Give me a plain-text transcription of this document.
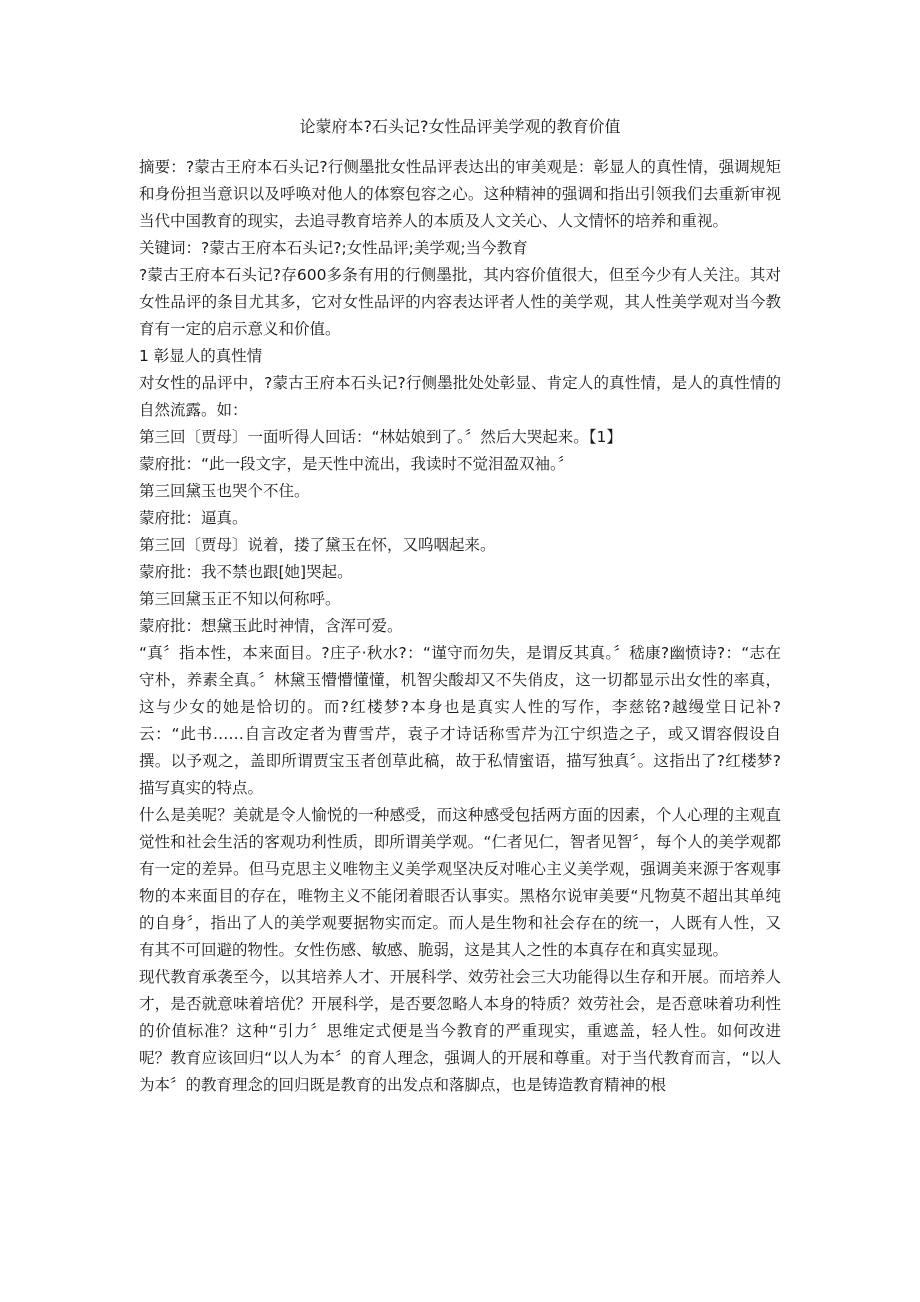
论蒙府本?石头记?女性品评美学观的教育价值

摘要：?蒙古王府本石头记?行侧墨批女性品评表达出的审美观是：彰显人的真性情，强调规矩和身份担当意识以及呼唤对他人的体察包容之心。这种精神的强调和指出引领我们去重新审视当代中国教育的现实，去追寻教育培养人的本质及人文关心、人文情怀的培养和重视。

关键词：?蒙古王府本石头记?;女性品评;美学观;当今教育

?蒙古王府本石头记?存600多条有用的行侧墨批，其内容价值很大，但至今少有人关注。其对女性品评的条目尤其多，它对女性品评的内容表达评者人性的美学观，其人性美学观对当今教育有一定的启示意义和价值。

1 彰显人的真性情

对女性的品评中，?蒙古王府本石头记?行侧墨批处处彰显、肯定人的真性情，是人的真性情的自然流露。如：

第三回〔贾母〕一面听得人回话：“林姑娘到了。〞然后大哭起来。【1】

蒙府批：“此一段文字，是天性中流出，我读时不觉泪盈双袖。〞

第三回黛玉也哭个不住。

蒙府批：逼真。

第三回〔贾母〕说着，搂了黛玉在怀，又呜咽起来。

蒙府批：我不禁也跟[她]哭起。

第三回黛玉正不知以何称呼。

蒙府批：想黛玉此时神情，含浑可爱。

“真〞指本性，本来面目。?庄子·秋水?：“谨守而勿失，是谓反其真。〞嵇康?幽愤诗?：“志在守朴，养素全真。〞林黛玉懵懵懂懂，机智尖酸却又不失俏皮，这一切都显示出女性的率真，这与少女的她是恰切的。而?红楼梦?本身也是真实人性的写作，李慈铭?越缦堂日记补?云：“此书……自言改定者为曹雪芹，袁子才诗话称雪芹为江宁织造之子，或又谓容假设自撰。以予观之，盖即所谓贾宝玉者创草此稿，故于私情蜜语，描写独真〞。这指出了?红楼梦?描写真实的特点。

什么是美呢？美就是令人愉悦的一种感受，而这种感受包括两方面的因素，个人心理的主观直觉性和社会生活的客观功利性质，即所谓美学观。“仁者见仁，智者见智〞，每个人的美学观都有一定的差异。但马克思主义唯物主义美学观坚决反对唯心主义美学观，强调美来源于客观事物的本来面目的存在，唯物主义不能闭着眼否认事实。黑格尔说审美要“凡物莫不超出其单纯的自身〞，指出了人的美学观要据物实而定。而人是生物和社会存在的统一，人既有人性，又有其不可回避的物性。女性伤感、敏感、脆弱，这是其人之性的本真存在和真实显现。

现代教育承袭至今，以其培养人才、开展科学、效劳社会三大功能得以生存和开展。而培养人才，是否就意味着培优？开展科学，是否要忽略人本身的特质？效劳社会，是否意味着功利性的价值标准？这种“引力〞思维定式便是当今教育的严重现实，重遮盖，轻人性。如何改进呢？教育应该回归“以人为本〞的育人理念，强调人的开展和尊重。对于当代教育而言，“以人为本〞的教育理念的回归既是教育的出发点和落脚点，也是铸造教育精神的根
